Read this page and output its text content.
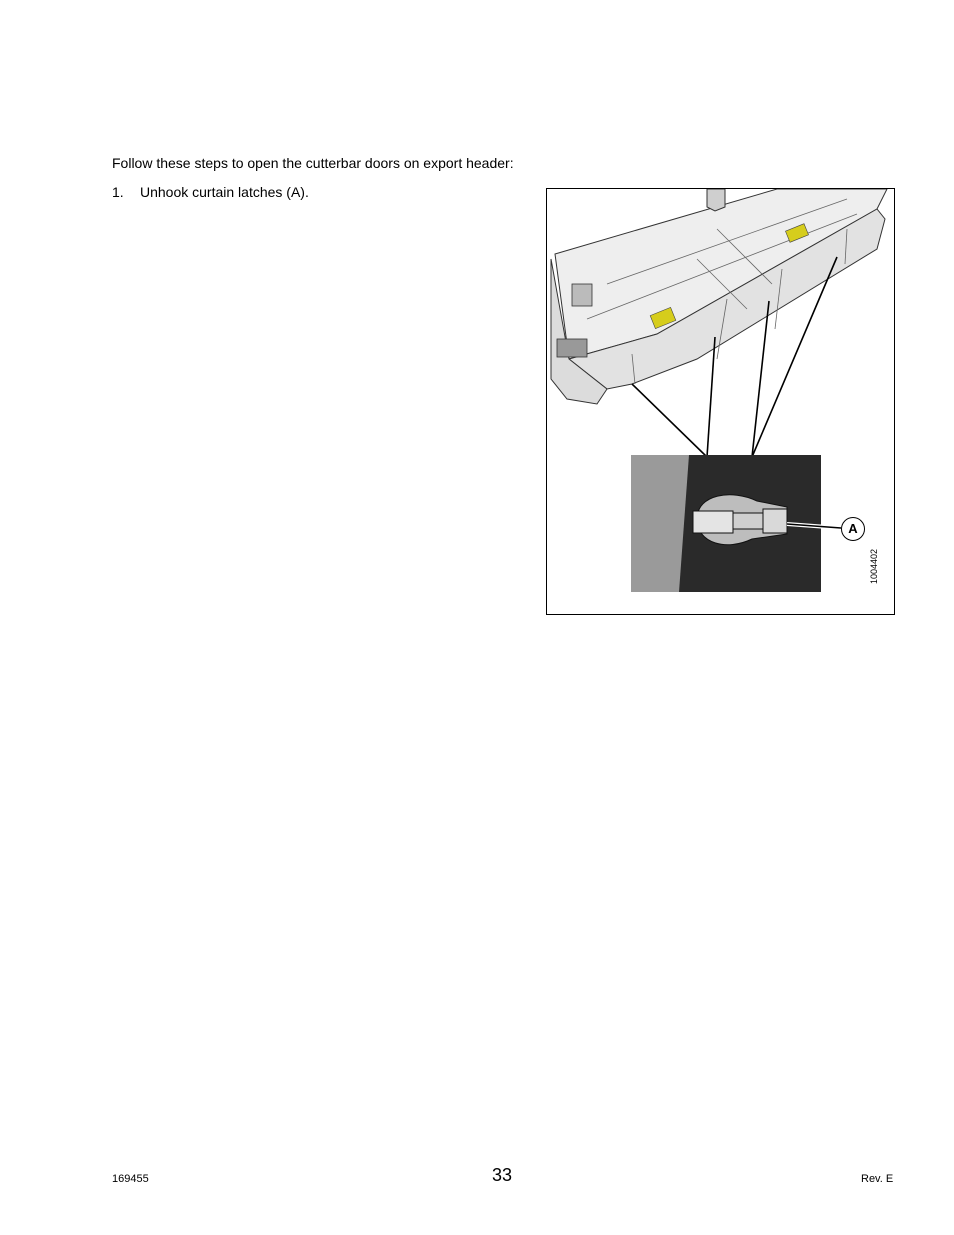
Follow these steps to open the cutterbar doors on export header:

1. Unhook curtain latches (A).
A
1004402
169455	33	Rev. E
